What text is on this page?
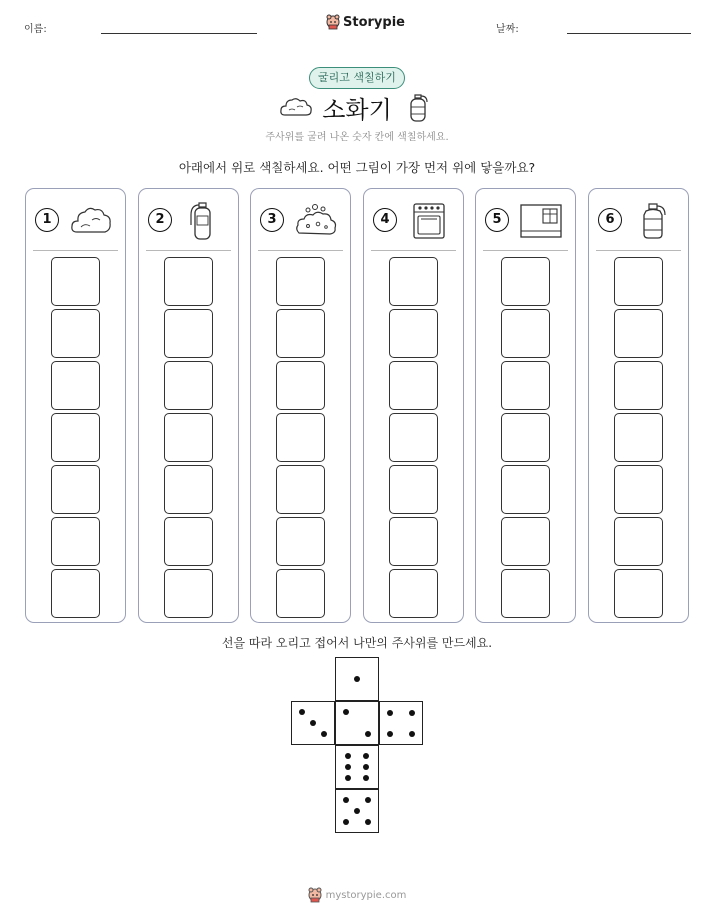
이름:	Storypie	날짜:
굴리고 색칠하기
소화기
주사위를 굴려 나온 숫자 칸에 색칠하세요.
아래에서 위로 색칠하세요. 어떤 그림이 가장 먼저 위에 닿을까요?
1	2	3	4	5	6
선을 따라 오리고 접어서 나만의 주사위를 만드세요.
mystorypie.com
